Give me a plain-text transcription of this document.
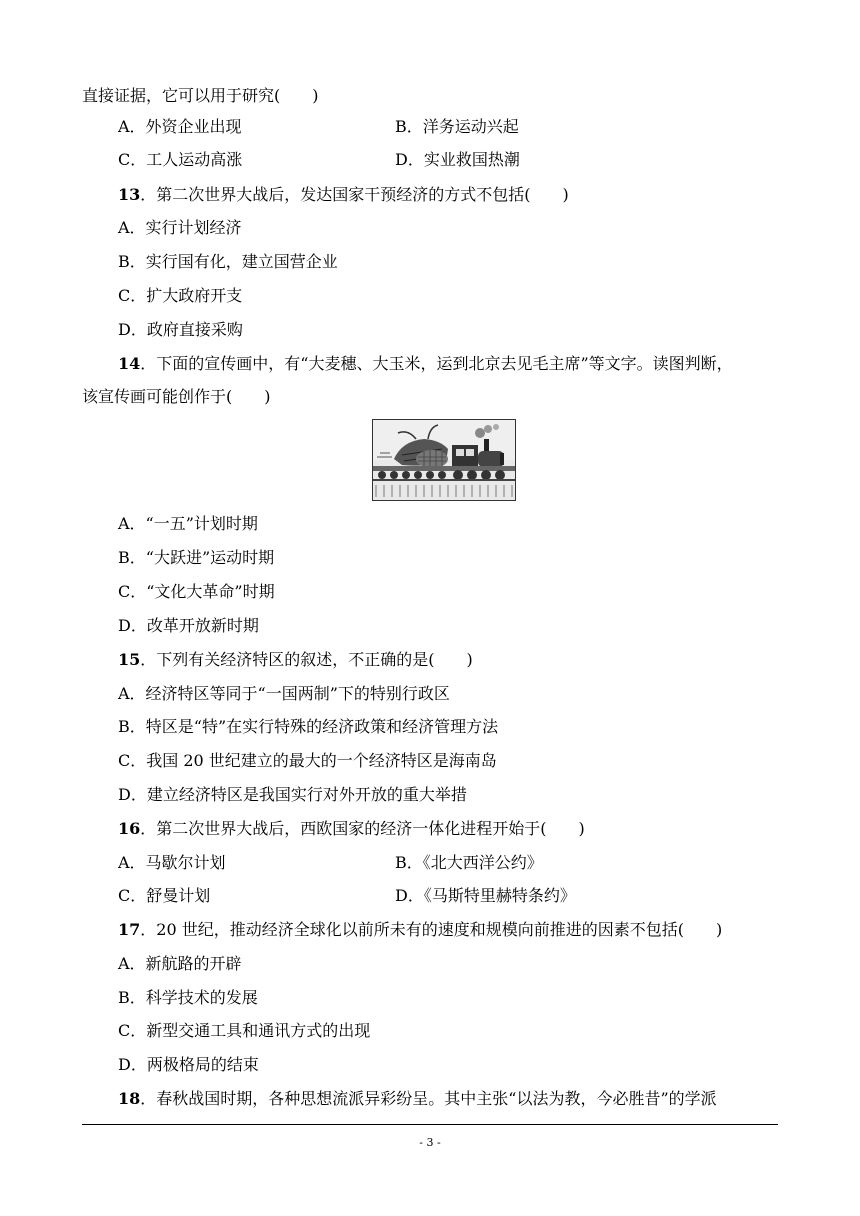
直接证据，它可以用于研究(　　)
A．外资企业出现	B．洋务运动兴起
C．工人运动高涨	D．实业救国热潮
13．第二次世界大战后，发达国家干预经济的方式不包括(　　)
A．实行计划经济
B．实行国有化，建立国营企业
C．扩大政府开支
D．政府直接采购
14．下面的宣传画中，有“大麦穗、大玉米，运到北京去见毛主席”等文字。读图判断，
该宣传画可能创作于(　　)
A．“一五”计划时期
B．“大跃进”运动时期
C．“文化大革命”时期
D．改革开放新时期
15．下列有关经济特区的叙述，不正确的是(　　)
A．经济特区等同于“一国两制”下的特别行政区
B．特区是“特”在实行特殊的经济政策和经济管理方法
C．我国 20 世纪建立的最大的一个经济特区是海南岛
D．建立经济特区是我国实行对外开放的重大举措
16．第二次世界大战后，西欧国家的经济一体化进程开始于(　　)
A．马歇尔计划	B．《北大西洋公约》
C．舒曼计划	D．《马斯特里赫特条约》
17．20 世纪，推动经济全球化以前所未有的速度和规模向前推进的因素不包括(　　)
A．新航路的开辟
B．科学技术的发展
C．新型交通工具和通讯方式的出现
D．两极格局的结束
18．春秋战国时期，各种思想流派异彩纷呈。其中主张“以法为教，今必胜昔”的学派
- 3 -
